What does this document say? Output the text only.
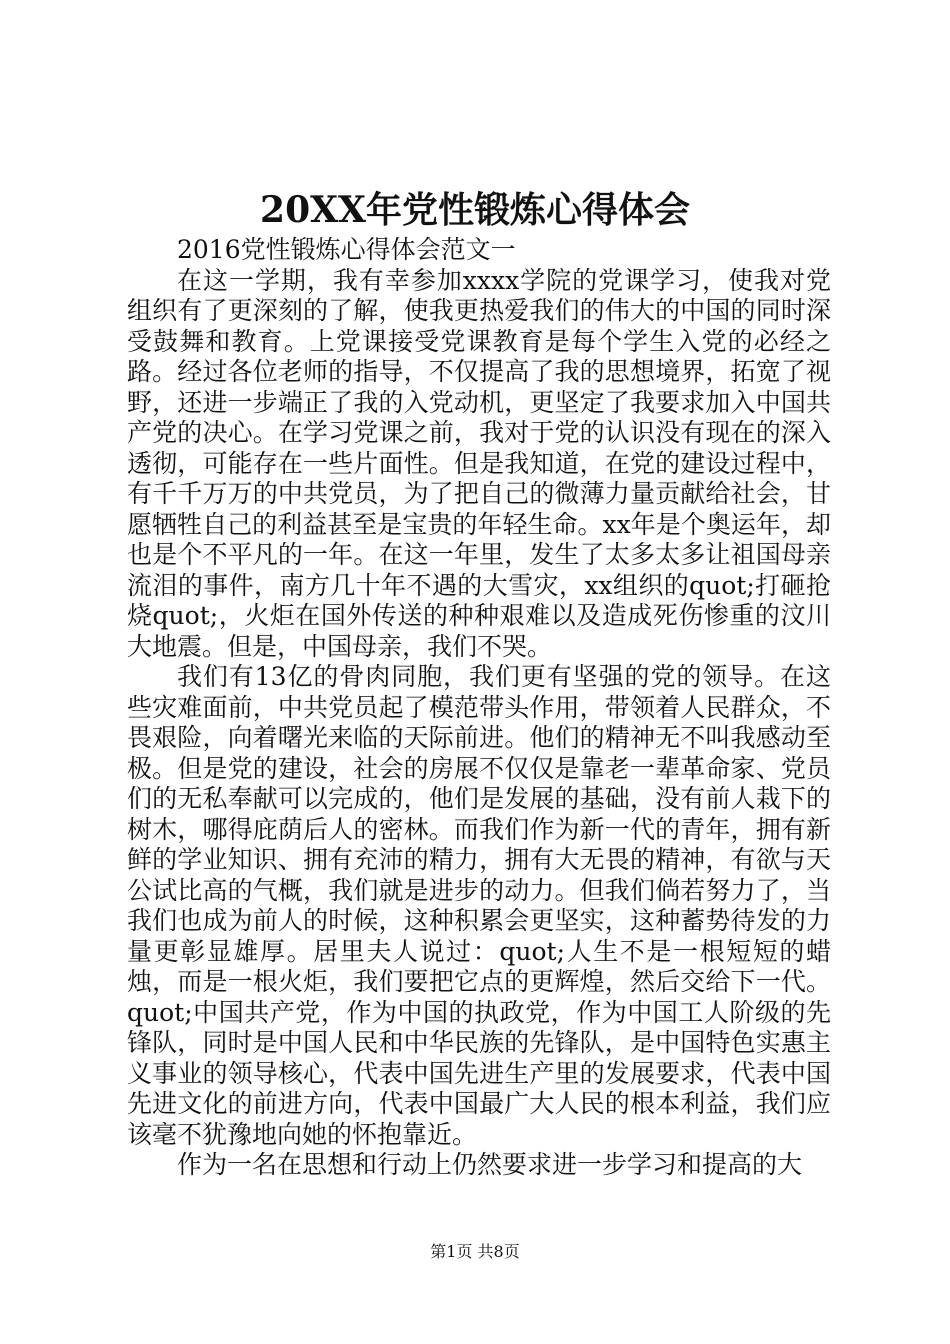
20XX年党性锻炼心得体会

2016党性锻炼心得体会范文一

在这一学期，我有幸参加xxxx学院的党课学习，使我对党组织有了更深刻的了解，使我更热爱我们的伟大的中国的同时深受鼓舞和教育。上党课接受党课教育是每个学生入党的必经之路。经过各位老师的指导，不仅提高了我的思想境界，拓宽了视野，还进一步端正了我的入党动机，更坚定了我要求加入中国共产党的决心。在学习党课之前，我对于党的认识没有现在的深入透彻，可能存在一些片面性。但是我知道，在党的建设过程中，有千千万万的中共党员，为了把自己的微薄力量贡献给社会，甘愿牺牲自己的利益甚至是宝贵的年轻生命。xx年是个奥运年，却也是个不平凡的一年。在这一年里，发生了太多太多让祖国母亲流泪的事件，南方几十年不遇的大雪灾，xx组织的quot;打砸抢烧quot;，火炬在国外传送的种种艰难以及造成死伤惨重的汶川大地震。但是，中国母亲，我们不哭。

我们有13亿的骨肉同胞，我们更有坚强的党的领导。在这些灾难面前，中共党员起了模范带头作用，带领着人民群众，不畏艰险，向着曙光来临的天际前进。他们的精神无不叫我感动至极。但是党的建设，社会的房展不仅仅是靠老一辈革命家、党员们的无私奉献可以完成的，他们是发展的基础，没有前人栽下的树木，哪得庇荫后人的密林。而我们作为新一代的青年，拥有新鲜的学业知识、拥有充沛的精力，拥有大无畏的精神，有欲与天公试比高的气概，我们就是进步的动力。但我们倘若努力了，当我们也成为前人的时候，这种积累会更坚实，这种蓄势待发的力量更彰显雄厚。居里夫人说过：quot;人生不是一根短短的蜡烛，而是一根火炬，我们要把它点的更辉煌，然后交给下一代。quot;中国共产党，作为中国的执政党，作为中国工人阶级的先锋队，同时是中国人民和中华民族的先锋队，是中国特色实惠主义事业的领导核心，代表中国先进生产里的发展要求，代表中国先进文化的前进方向，代表中国最广大人民的根本利益，我们应该毫不犹豫地向她的怀抱靠近。

作为一名在思想和行动上仍然要求进一步学习和提高的大

第1页 共8页
